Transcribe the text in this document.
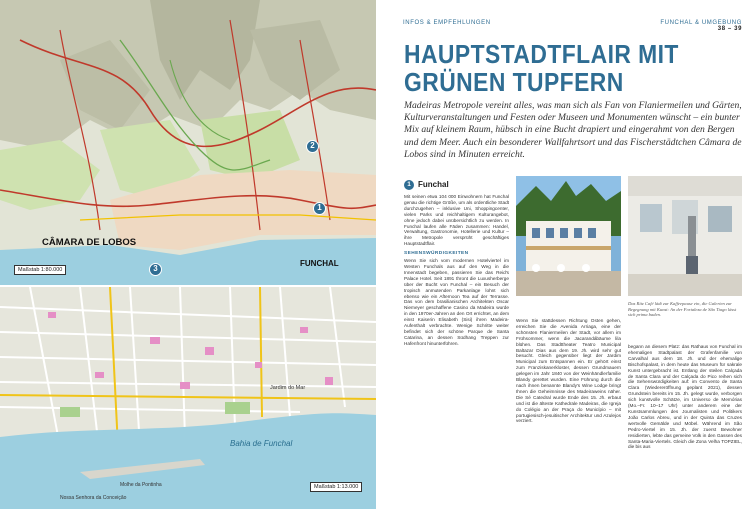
CÂMARA DE LOBOS
FUNCHAL
Maßstab 1:80.000
2
1
3
Bahia de Funchal
Jardim do Mar
Molhe da Pontinha
Nossa Senhora da Conceição
Maßstab 1:13.000
INFOS & EMPFEHLUNGEN	FUNCHAL & UMGEBUNG

38 – 39
HAUPTSTADTFLAIR MIT GRÜNEN TUPFERN

Madeiras Metropole vereint alles, was man sich als Fan von Flaniermeilen und Gärten, Kulturveranstaltungen und Festen oder Museen und Monumenten wünscht – ein bunter Mix auf kleinem Raum, hübsch in eine Bucht drapiert und eingerahmt von den Bergen und dem Meer. Auch ein besonderer Wallfahrtsort und das Fischerstädtchen Câmara de Lobos sind in Minuten erreicht.

1 Funchal

Mit seinen etwa 104 000 Einwohnern hat Funchal genau die richtige Größe, um als ordentliche Stadt durchzugehen – inklusive Uni, Shoppingcenter, vielen Parks und reichhaltigem Kulturangebot, ohne jedoch dabei unübersichtlich zu werden. In Funchal laufen alle Fäden zusammen: Handel, Verwaltung, Gastronomie, Hotellerie und Kultur – ihre Metropole versprüht geschäftiges Hauptstadtflair.

SEHENSWÜRDIGKEITEN

Wenn Sie sich vom modernen Hotelviertel im Westen Funchals aus auf den Weg in die Innenstadt begeben, passieren Sie das Reid's Palace Hotel. Seit 1891 thront die Luxusherberge über der Bucht von Funchal – ein Besuch der tropisch anmutenden Parkanlage lohnt sich ebenso wie ein Afternoon Tea auf der Terrasse. Das von dem brasilianischen Architekten Oscar Niemeyer geschaffene Casino da Madeira wurde in den 1970er-Jahren an den Ort errichtet, an dem einst Kaiserin Elisabeth (Sisi) ihren Madeira-Aufenthalt verbrachte. Wenige Schritte weiter befindet sich der schöne Parque de Santa Catarina, an dessen Südhang Treppen zur Hafenfront hinunterführen.

Das Ritz Café lädt zur Kaffeepause ein, die Galerien zur Begegnung mit Kunst: An der Fortaleza de São Tiago lässt sich prima baden.

Wenn Sie stattdessen Richtung Osten gehen, erreichen Sie die Avenida Arriaga, eine der schönsten Flaniermeilen der Stadt, vor allem im Frühsommer, wenn die Jacarandábäume lila blühen. Das Stadttheater Teatro Municipal Baltazar Dias aus dem 19. Jh. wird sehr gut besucht. Gleich gegenüber liegt der Jardim Municipal zum Entspannen ein. Er gehört einst zum Franziskanerkloster, dessen Grundmauern gelegen im Jahr 1840 von der Weinhändlerfamilie Blandy gerettet wurden. Eine Führung durch die nach ihnen benannte Blandy's Wine Lodge bringt Ihnen die Geheimnisse des Madeiraweins näher. Die Sé Catedral wurde Ende des 15. Jh. erbaut und ist die älteste Kathedrale Madeiras, die Igreja do Colégio an der Praça do Município – mit portugiesisch-jesuitischer Architektur und Azulejos verziert.

begann an diesem Platz: das Rathaus von Funchal im ehemaligen Stadtpalast der Grafenfamilie von Carvalhal aus dem 18. Jh. und der ehemalige Bischofspalast, in dem heute das Museum für sakrale Kunst untergebracht ist. Entlang der steilen Calçada de Santa Clara und der Calçada do Pico reihen sich die Sehenswürdigkeiten auf: im Convento de Santa Clara (Wiedereröffnung geplant 2021), dessen Grundstein bereits im 15. Jh. gelegt wurde, verborgen sich kunstvolle Schätze, im Universo de Memórias (Mo.–Fr. 10–17 Uhr) unter anderem eine der Kunstsammlungen des Journalisten und Politikers João Carlos Abreu, und in der Quinta das Cruzes wertvolle Gemälde und Möbel. Während im São Pedro-Viertel im 15. Jh. der zuerst Bewohner residierten, lebte das gemeine Volk in den Gassen des Santa-Maria-Viertels. Gleich die Zona Velha TOPZIEL, die bis aus
